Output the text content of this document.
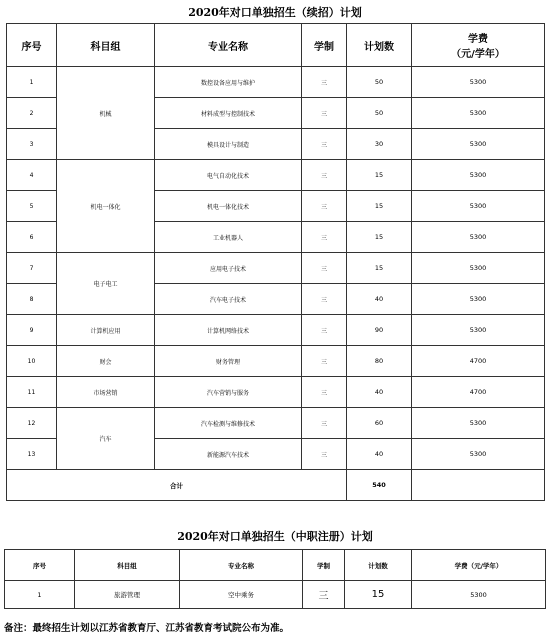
2020年对口单独招生（续招）计划
序号	科目组	专业名称	学制	计划数	学费
（元/学年）

1	机械	数控设备应用与维护	三	50	5300
2		材料成型与控制技术	三	50	5300
3		模具设计与制造	三	30	5300
4	机电一体化	电气自动化技术	三	15	5300
5		机电一体化技术	三	15	5300
6		工业机器人	三	15	5300
7	电子电工	应用电子技术	三	15	5300
8		汽车电子技术	三	40	5300
9	计算机应用	计算机网络技术	三	90	5300
10	财会	财务管理	三	80	4700
11	市场营销	汽车营销与服务	三	40	4700
12	汽车	汽车检测与维修技术	三	60	5300
13		新能源汽车技术	三	40	5300
合计				540	
2020年对口单独招生（中职注册）计划
序号	科目组	专业名称	学制	计划数	学费（元/学年）
1	旅游管理	空中乘务	三	15	5300
备注：最终招生计划以江苏省教育厅、江苏省教育考试院公布为准。
